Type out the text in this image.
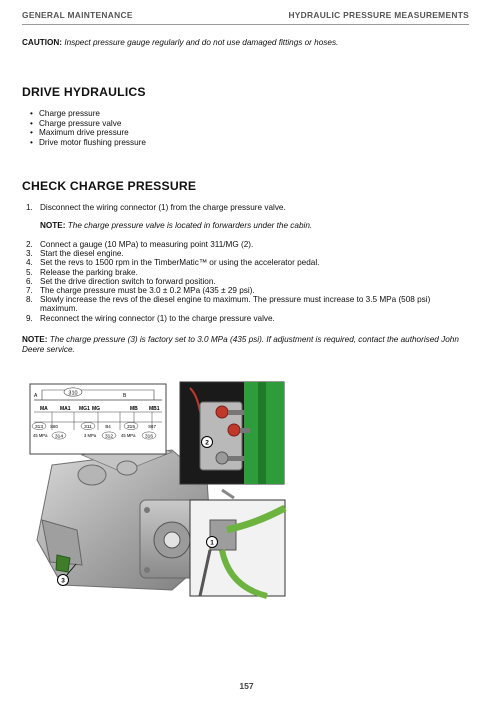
GENERAL MAINTENANCE	HYDRAULIC PRESSURE MEASUREMENTS
CAUTION: Inspect pressure gauge regularly and do not use damaged fittings or hoses.
DRIVE HYDRAULICS
• Charge pressure
• Charge pressure valve
• Maximum drive pressure
• Drive motor flushing pressure
CHECK CHARGE PRESSURE
1. Disconnect the wiring connector (1) from the charge pressure valve.
NOTE: The charge pressure valve is located in forwarders under the cabin.
2. Connect a gauge (10 MPa) to measuring point 311/MG (2).
3. Start the diesel engine.
4. Set the revs to 1500 rpm in the TimberMatic™ or using the accelerator pedal.
5. Release the parking brake.
6. Set the drive direction switch to forward position.
7. The charge pressure must be 3.0 ± 0.2 MPa (435 ± 29 psi).
8. Slowly increase the revs of the diesel engine to maximum. The pressure must increase to 3.5 MPa (508 psi) maximum.
9. Reconnect the wiring connector (1) to the charge pressure valve.
NOTE: The charge pressure (3) is factory set to 3.0 MPa (435 psi). If adjustment is required, contact the authorised John Deere service.
310
A	B
MA MA1 MG1 MG	MB MB1
313 S80	311	B4	315	S67
45 MPa 314	3 MPa 312 45 MPa 316
2
1
3
157
